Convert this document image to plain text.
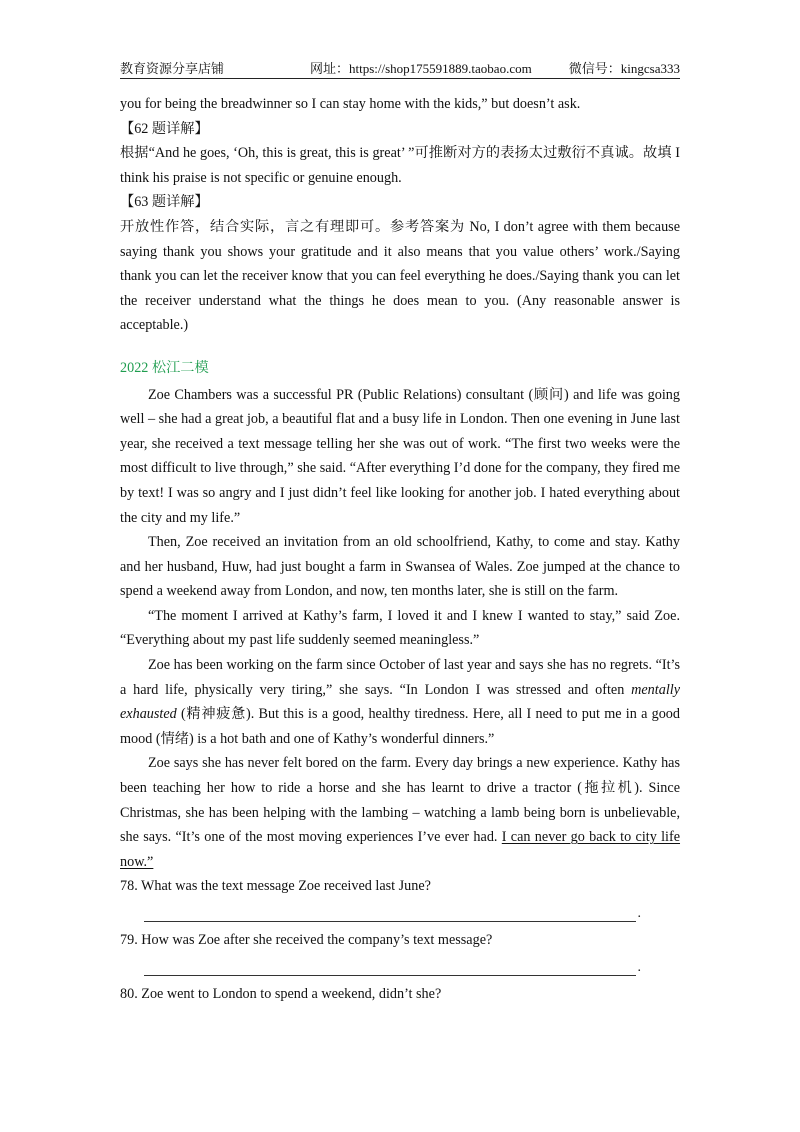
教育资源分享店铺	网址：https://shop175591889.taobao.com	微信号：kingcsa333

you for being the breadwinner so I can stay home with the kids,” but doesn’t ask.

【62 题详解】

根据“And he goes, ‘Oh, this is great, this is great’ ”可推断对方的表扬太过敷衍不真诚。故填 I think his praise is not specific or genuine enough.

【63 题详解】

开放性作答，结合实际，言之有理即可。参考答案为 No, I don’t agree with them because saying thank you shows your gratitude and it also means that you value others’ work./Saying thank you can let the receiver know that you can feel everything he does./Saying thank you can let the receiver understand what the things he does mean to you. (Any reasonable answer is acceptable.)

2022 松江二模

Zoe Chambers was a successful PR (Public Relations) consultant (顾问) and life was going well – she had a great job, a beautiful flat and a busy life in London. Then one evening in June last year, she received a text message telling her she was out of work. “The first two weeks were the most difficult to live through,” she said. “After everything I’d done for the company, they fired me by text! I was so angry and I just didn’t feel like looking for another job. I hated everything about the city and my life.”

Then, Zoe received an invitation from an old schoolfriend, Kathy, to come and stay. Kathy and her husband, Huw, had just bought a farm in Swansea of Wales. Zoe jumped at the chance to spend a weekend away from London, and now, ten months later, she is still on the farm.

“The moment I arrived at Kathy’s farm, I loved it and I knew I wanted to stay,” said Zoe. “Everything about my past life suddenly seemed meaningless.”

Zoe has been working on the farm since October of last year and says she has no regrets. “It’s a hard life, physically very tiring,” she says. “In London I was stressed and often mentally exhausted (精神疲惫). But this is a good, healthy tiredness. Here, all I need to put me in a good mood (情绪) is a hot bath and one of Kathy’s wonderful dinners.”

Zoe says she has never felt bored on the farm. Every day brings a new experience. Kathy has been teaching her how to ride a horse and she has learnt to drive a tractor (拖拉机). Since Christmas, she has been helping with the lambing – watching a lamb being born is unbelievable, she says. “It’s one of the most moving experiences I’ve ever had. I can never go back to city life now.”

78. What was the text message Zoe received last June?

.

79. How was Zoe after she received the company’s text message?

.

80. Zoe went to London to spend a weekend, didn’t she?
